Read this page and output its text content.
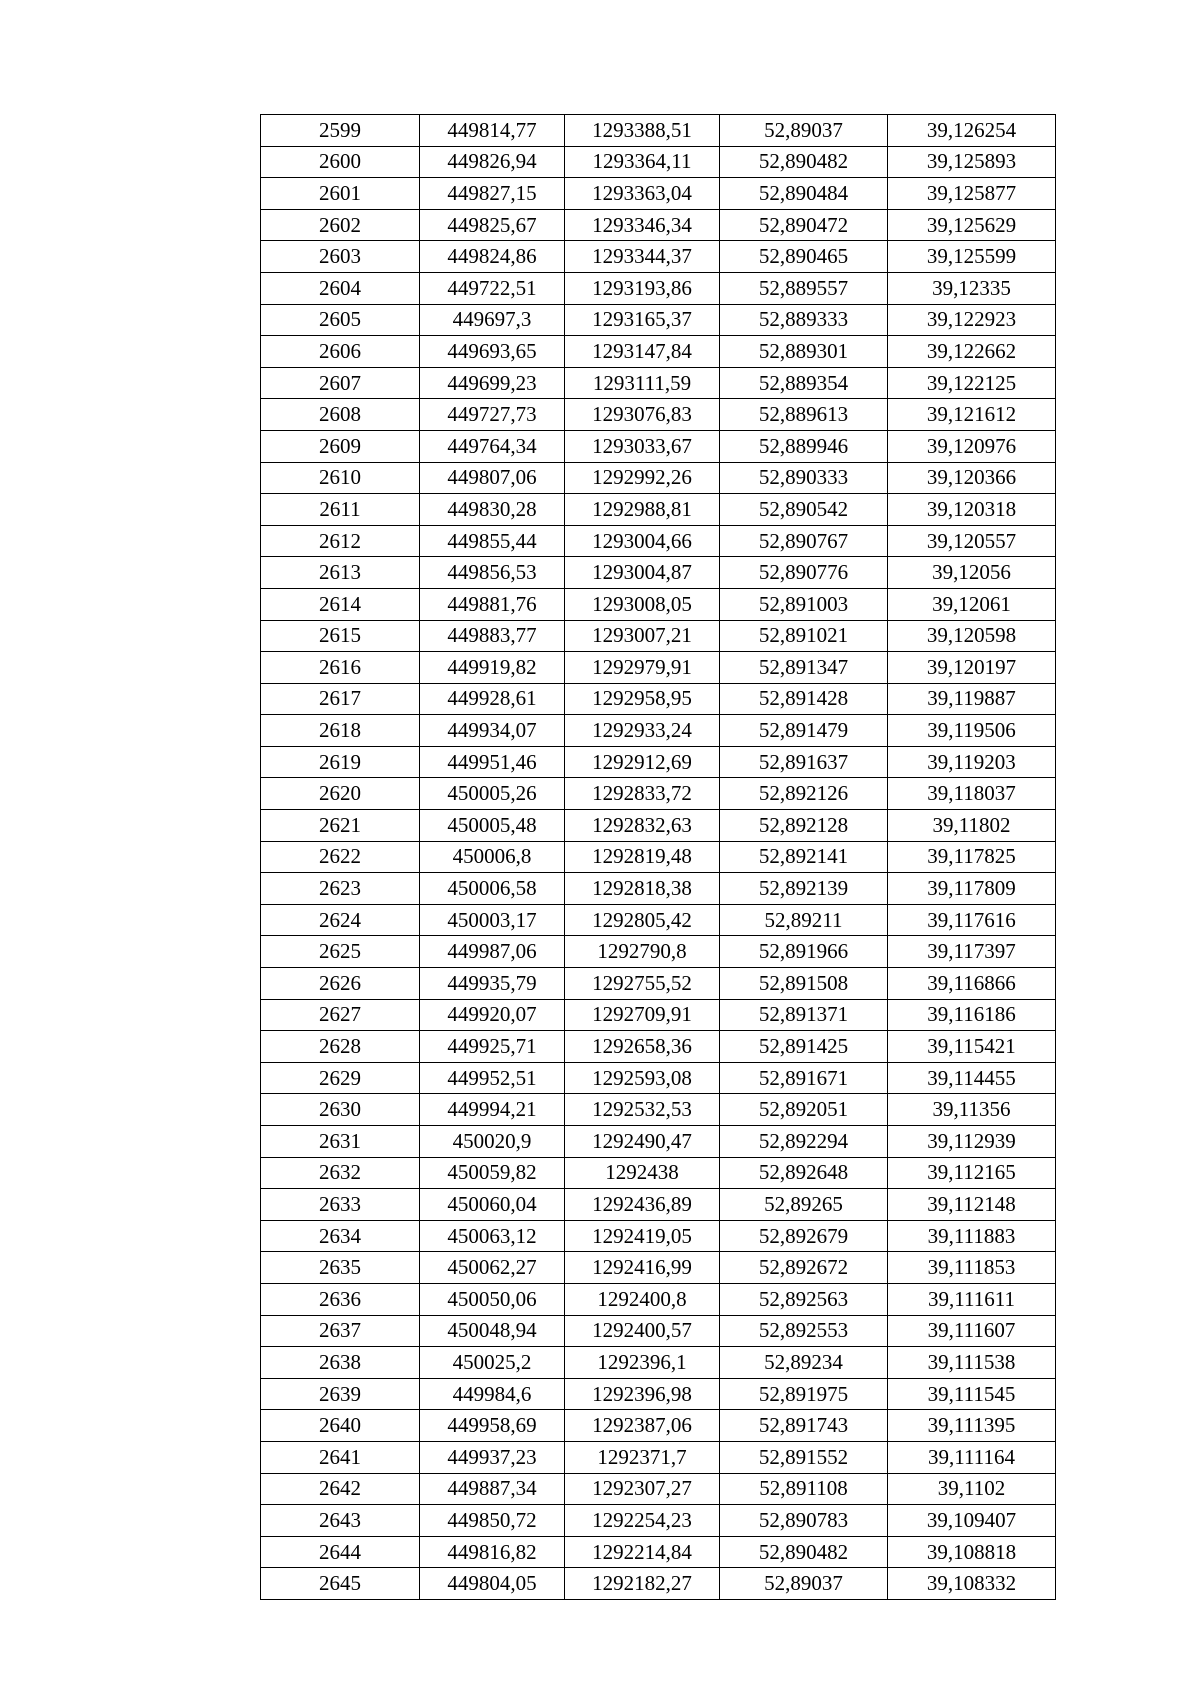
2599	449814,77	1293388,51	52,89037	39,126254
2600	449826,94	1293364,11	52,890482	39,125893
2601	449827,15	1293363,04	52,890484	39,125877
2602	449825,67	1293346,34	52,890472	39,125629
2603	449824,86	1293344,37	52,890465	39,125599
2604	449722,51	1293193,86	52,889557	39,12335
2605	449697,3	1293165,37	52,889333	39,122923
2606	449693,65	1293147,84	52,889301	39,122662
2607	449699,23	1293111,59	52,889354	39,122125
2608	449727,73	1293076,83	52,889613	39,121612
2609	449764,34	1293033,67	52,889946	39,120976
2610	449807,06	1292992,26	52,890333	39,120366
2611	449830,28	1292988,81	52,890542	39,120318
2612	449855,44	1293004,66	52,890767	39,120557
2613	449856,53	1293004,87	52,890776	39,12056
2614	449881,76	1293008,05	52,891003	39,12061
2615	449883,77	1293007,21	52,891021	39,120598
2616	449919,82	1292979,91	52,891347	39,120197
2617	449928,61	1292958,95	52,891428	39,119887
2618	449934,07	1292933,24	52,891479	39,119506
2619	449951,46	1292912,69	52,891637	39,119203
2620	450005,26	1292833,72	52,892126	39,118037
2621	450005,48	1292832,63	52,892128	39,11802
2622	450006,8	1292819,48	52,892141	39,117825
2623	450006,58	1292818,38	52,892139	39,117809
2624	450003,17	1292805,42	52,89211	39,117616
2625	449987,06	1292790,8	52,891966	39,117397
2626	449935,79	1292755,52	52,891508	39,116866
2627	449920,07	1292709,91	52,891371	39,116186
2628	449925,71	1292658,36	52,891425	39,115421
2629	449952,51	1292593,08	52,891671	39,114455
2630	449994,21	1292532,53	52,892051	39,11356
2631	450020,9	1292490,47	52,892294	39,112939
2632	450059,82	1292438	52,892648	39,112165
2633	450060,04	1292436,89	52,89265	39,112148
2634	450063,12	1292419,05	52,892679	39,111883
2635	450062,27	1292416,99	52,892672	39,111853
2636	450050,06	1292400,8	52,892563	39,111611
2637	450048,94	1292400,57	52,892553	39,111607
2638	450025,2	1292396,1	52,89234	39,111538
2639	449984,6	1292396,98	52,891975	39,111545
2640	449958,69	1292387,06	52,891743	39,111395
2641	449937,23	1292371,7	52,891552	39,111164
2642	449887,34	1292307,27	52,891108	39,1102
2643	449850,72	1292254,23	52,890783	39,109407
2644	449816,82	1292214,84	52,890482	39,108818
2645	449804,05	1292182,27	52,89037	39,108332
